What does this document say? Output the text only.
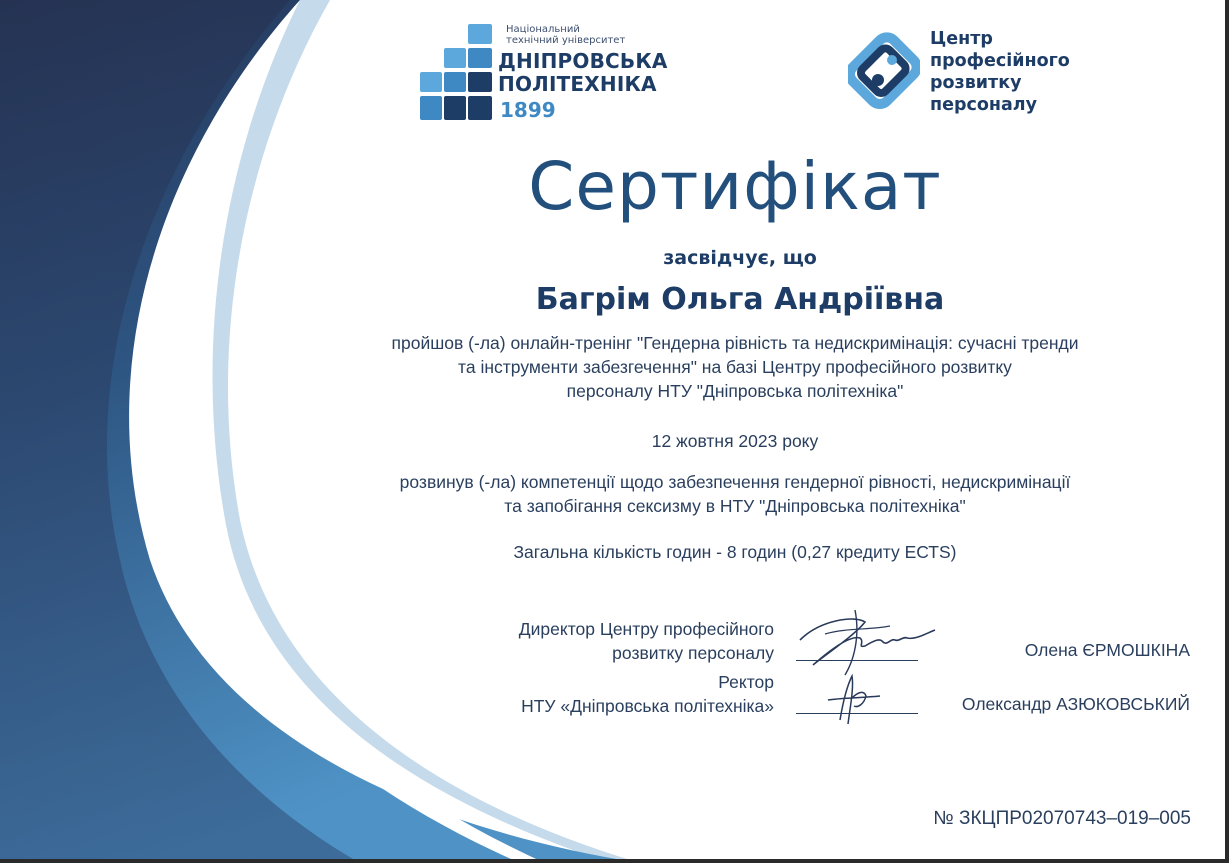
Національний
технічний університет
ДНІПРОВСЬКА
ПОЛІТЕХНІКА
1899
Центр
професійного
розвитку
персоналу
Сертифікат
засвідчує, що
Багрім Ольга Андріївна
пройшов (-ла) онлайн-тренінг "Гендерна рівність та недискримінація: сучасні тренди
та інструменти забезгечення" на базі Центру професійного розвитку
персоналу НТУ "Дніпровська політехніка"
12 жовтня 2023 року
розвинув (-ла) компетенції щодо забезпечення гендерної рівності, недискримінації
та запобігання сексизму в НТУ "Дніпровська політехніка"
Загальна кількість годин - 8 годин (0,27 кредиту ЕСТS)
Директор Центру професійного
розвитку персоналу	Олена ЄРМОШКІНА
Ректор
НТУ «Дніпровська політехніка»	Олександр АЗЮКОВСЬКИЙ
№ ЗКЦПР02070743–019–005
